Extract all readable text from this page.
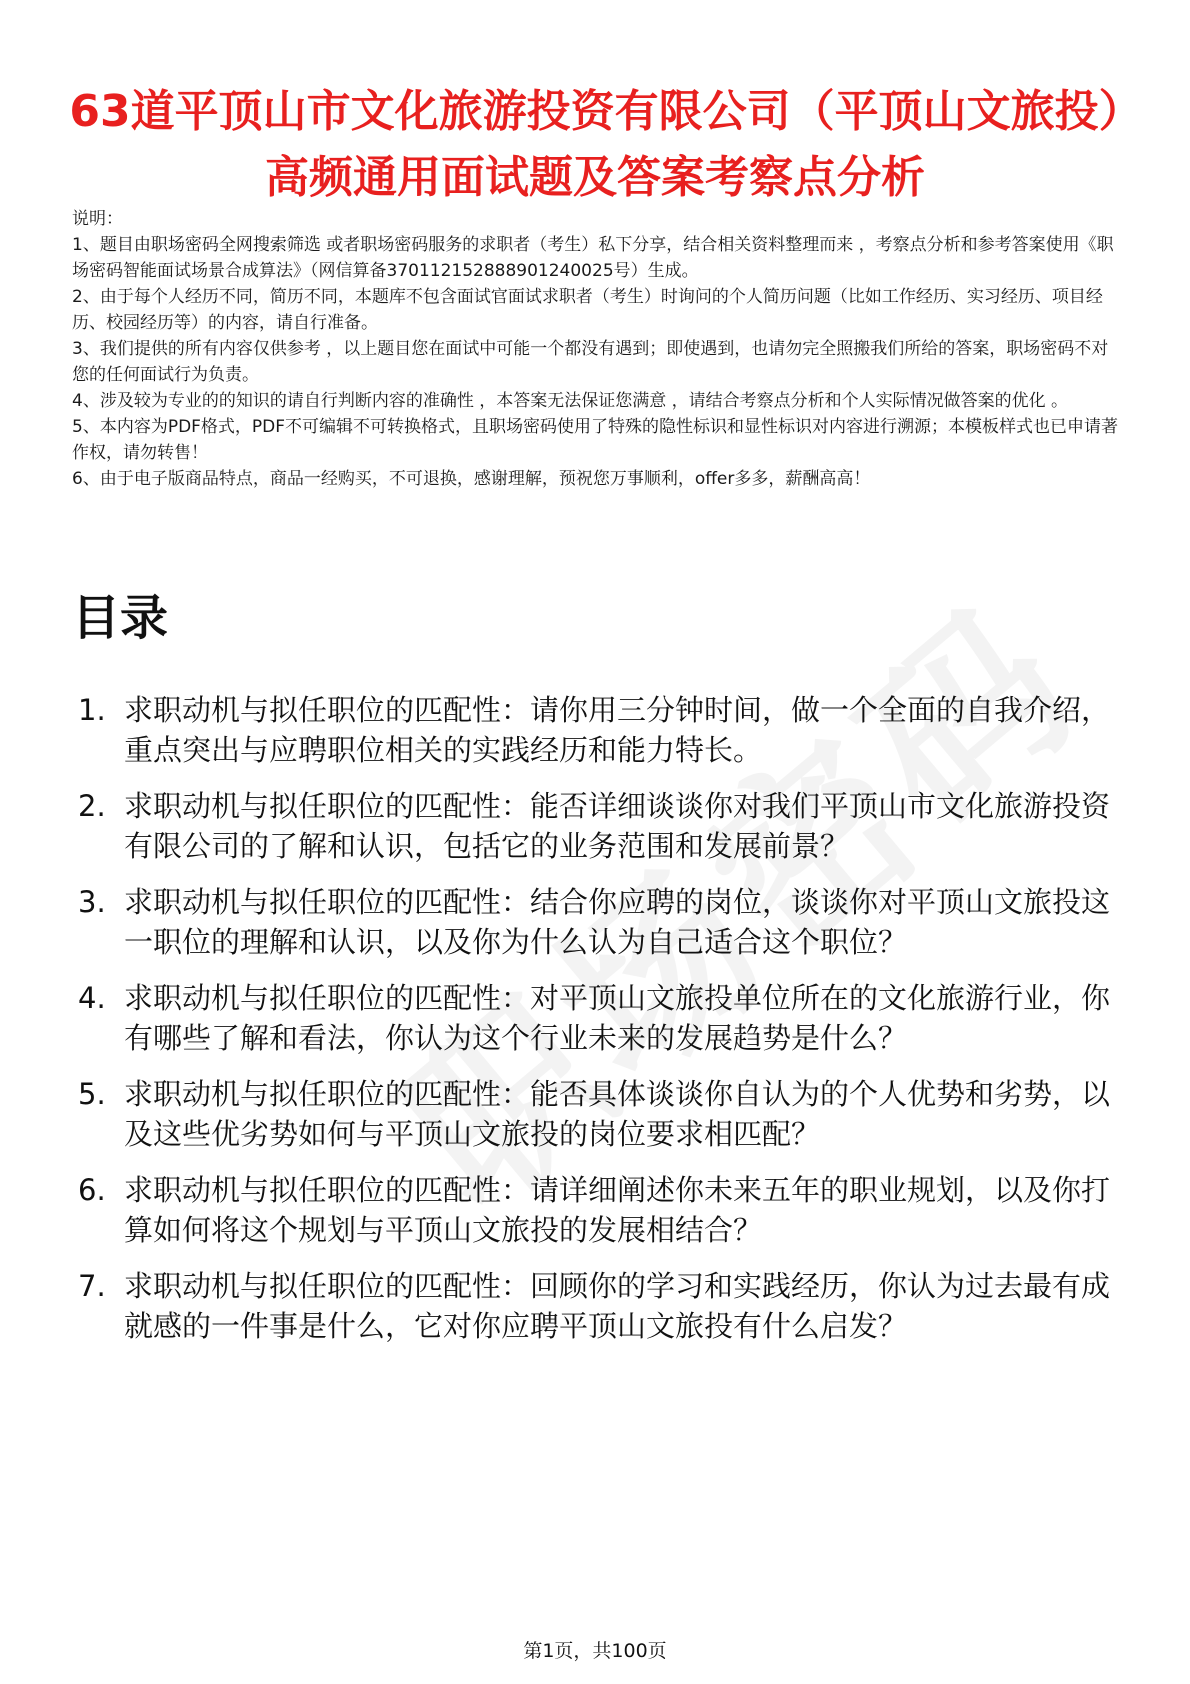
63道平顶山市文化旅游投资有限公司（平顶山文旅投）高频通用面试题及答案考察点分析

说明：

1、题目由职场密码全网搜索筛选 或者职场密码服务的求职者（考生）私下分享，结合相关资料整理而来 ，考察点分析和参考答案使用《职场密码智能面试场景合成算法》（网信算备370112152888901240025号）生成。

2、由于每个人经历不同，简历不同，本题库不包含面试官面试求职者（考生）时询问的个人简历问题（比如工作经历、实习经历、项目经历、校园经历等）的内容，请自行准备。

3、我们提供的所有内容仅供参考 ，以上题目您在面试中可能一个都没有遇到；即使遇到，也请勿完全照搬我们所给的答案，职场密码不对您的任何面试行为负责。

4、涉及较为专业的的知识的请自行判断内容的准确性 ，本答案无法保证您满意 ，请结合考察点分析和个人实际情况做答案的优化 。

5、本内容为PDF格式，PDF不可编辑不可转换格式，且职场密码使用了特殊的隐性标识和显性标识对内容进行溯源；本模板样式也已申请著作权，请勿转售！

6、由于电子版商品特点，商品一经购买，不可退换，感谢理解，预祝您万事顺利，offer多多，薪酬高高！

目录
1. 求职动机与拟任职位的匹配性：请你用三分钟时间，做一个全面的自我介绍，重点突出与应聘职位相关的实践经历和能力特长。
2. 求职动机与拟任职位的匹配性：能否详细谈谈你对我们平顶山市文化旅游投资有限公司的了解和认识，包括它的业务范围和发展前景？
3. 求职动机与拟任职位的匹配性：结合你应聘的岗位，谈谈你对平顶山文旅投这一职位的理解和认识，以及你为什么认为自己适合这个职位？
4. 求职动机与拟任职位的匹配性：对平顶山文旅投单位所在的文化旅游行业，你有哪些了解和看法，你认为这个行业未来的发展趋势是什么？
5. 求职动机与拟任职位的匹配性：能否具体谈谈你自认为的个人优势和劣势，以及这些优劣势如何与平顶山文旅投的岗位要求相匹配？
6. 求职动机与拟任职位的匹配性：请详细阐述你未来五年的职业规划，以及你打算如何将这个规划与平顶山文旅投的发展相结合？
7. 求职动机与拟任职位的匹配性：回顾你的学习和实践经历，你认为过去最有成就感的一件事是什么，它对你应聘平顶山文旅投有什么启发？
第1页，共100页
